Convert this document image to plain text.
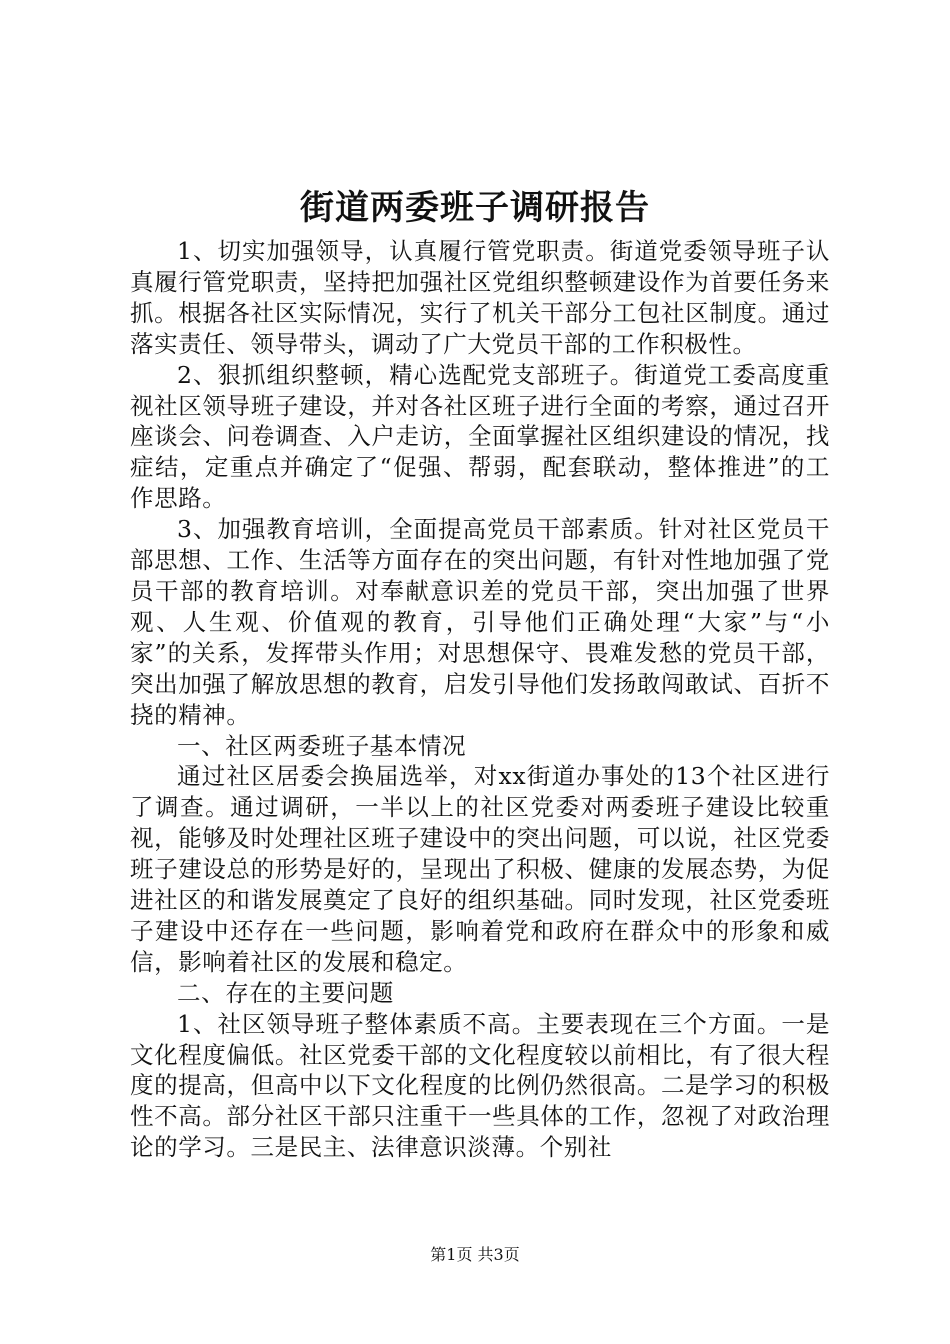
街道两委班子调研报告

1、切实加强领导，认真履行管党职责。街道党委领导班子认真履行管党职责，坚持把加强社区党组织整顿建设作为首要任务来抓。根据各社区实际情况，实行了机关干部分工包社区制度。通过落实责任、领导带头，调动了广大党员干部的工作积极性。

2、狠抓组织整顿，精心选配党支部班子。街道党工委高度重视社区领导班子建设，并对各社区班子进行全面的考察，通过召开座谈会、问卷调查、入户走访，全面掌握社区组织建设的情况，找症结，定重点并确定了“促强、帮弱，配套联动，整体推进”的工作思路。

3、加强教育培训，全面提高党员干部素质。针对社区党员干部思想、工作、生活等方面存在的突出问题，有针对性地加强了党员干部的教育培训。对奉献意识差的党员干部，突出加强了世界观、人生观、价值观的教育，引导他们正确处理“大家”与“小家”的关系，发挥带头作用；对思想保守、畏难发愁的党员干部，突出加强了解放思想的教育，启发引导他们发扬敢闯敢试、百折不挠的精神。

一、社区两委班子基本情况

通过社区居委会换届选举，对xx街道办事处的13个社区进行了调查。通过调研，一半以上的社区党委对两委班子建设比较重视，能够及时处理社区班子建设中的突出问题，可以说，社区党委班子建设总的形势是好的，呈现出了积极、健康的发展态势，为促进社区的和谐发展奠定了良好的组织基础。同时发现，社区党委班子建设中还存在一些问题，影响着党和政府在群众中的形象和威信，影响着社区的发展和稳定。

二、存在的主要问题

1、社区领导班子整体素质不高。主要表现在三个方面。一是文化程度偏低。社区党委干部的文化程度较以前相比，有了很大程度的提高，但高中以下文化程度的比例仍然很高。二是学习的积极性不高。部分社区干部只注重干一些具体的工作，忽视了对政治理论的学习。三是民主、法律意识淡薄。个别社

第1页 共3页
